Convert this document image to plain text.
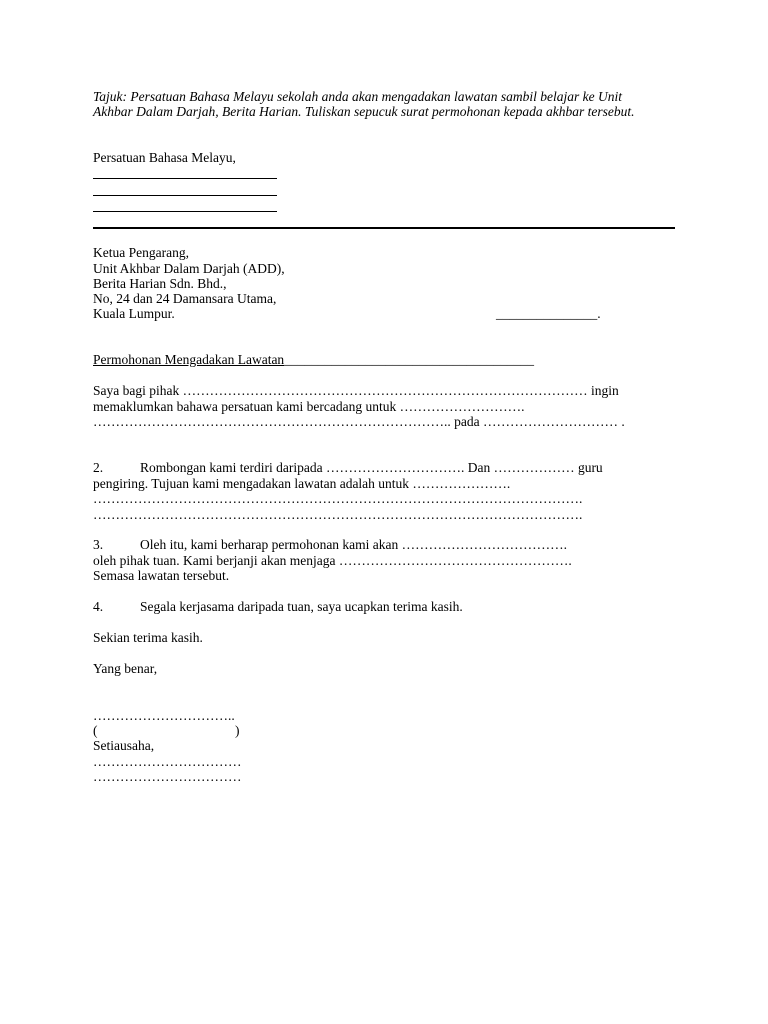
Tajuk: Persatuan Bahasa Melayu sekolah anda akan mengadakan lawatan sambil belajar ke Unit
Akhbar Dalam Darjah, Berita Harian. Tuliskan sepucuk surat permohonan kepada akhbar tersebut.
Persatuan Bahasa Melayu,
Ketua Pengarang,
Unit Akhbar Dalam Darjah (ADD),
Berita Harian Sdn. Bhd.,
No, 24 dan 24 Damansara Utama,
Kuala Lumpur.	_______________.
Permohonan Mengadakan Lawatan_____________________________________
Saya bagi pihak ……………………………………………………………………………… ingin
memaklumkan bahawa persatuan kami bercadang untuk ……………………….
…………………………………………………………………….. pada ………………………… .
2.	Rombongan kami terdiri daripada …………………………. Dan ……………… guru
pengiring. Tujuan kami mengadakan lawatan adalah untuk ………………….
……………………………………………………………………………………………….
……………………………………………………………………………………………….
3.	Oleh itu, kami berharap permohonan kami akan ……………………………….
oleh pihak tuan. Kami berjanji akan menjaga …………………………………………….
Semasa lawatan tersebut.
4.	Segala kerjasama daripada tuan, saya ucapkan terima kasih.
Sekian terima kasih.
Yang benar,
…………………………..
(	)
Setiausaha,
……………………………
……………………………
